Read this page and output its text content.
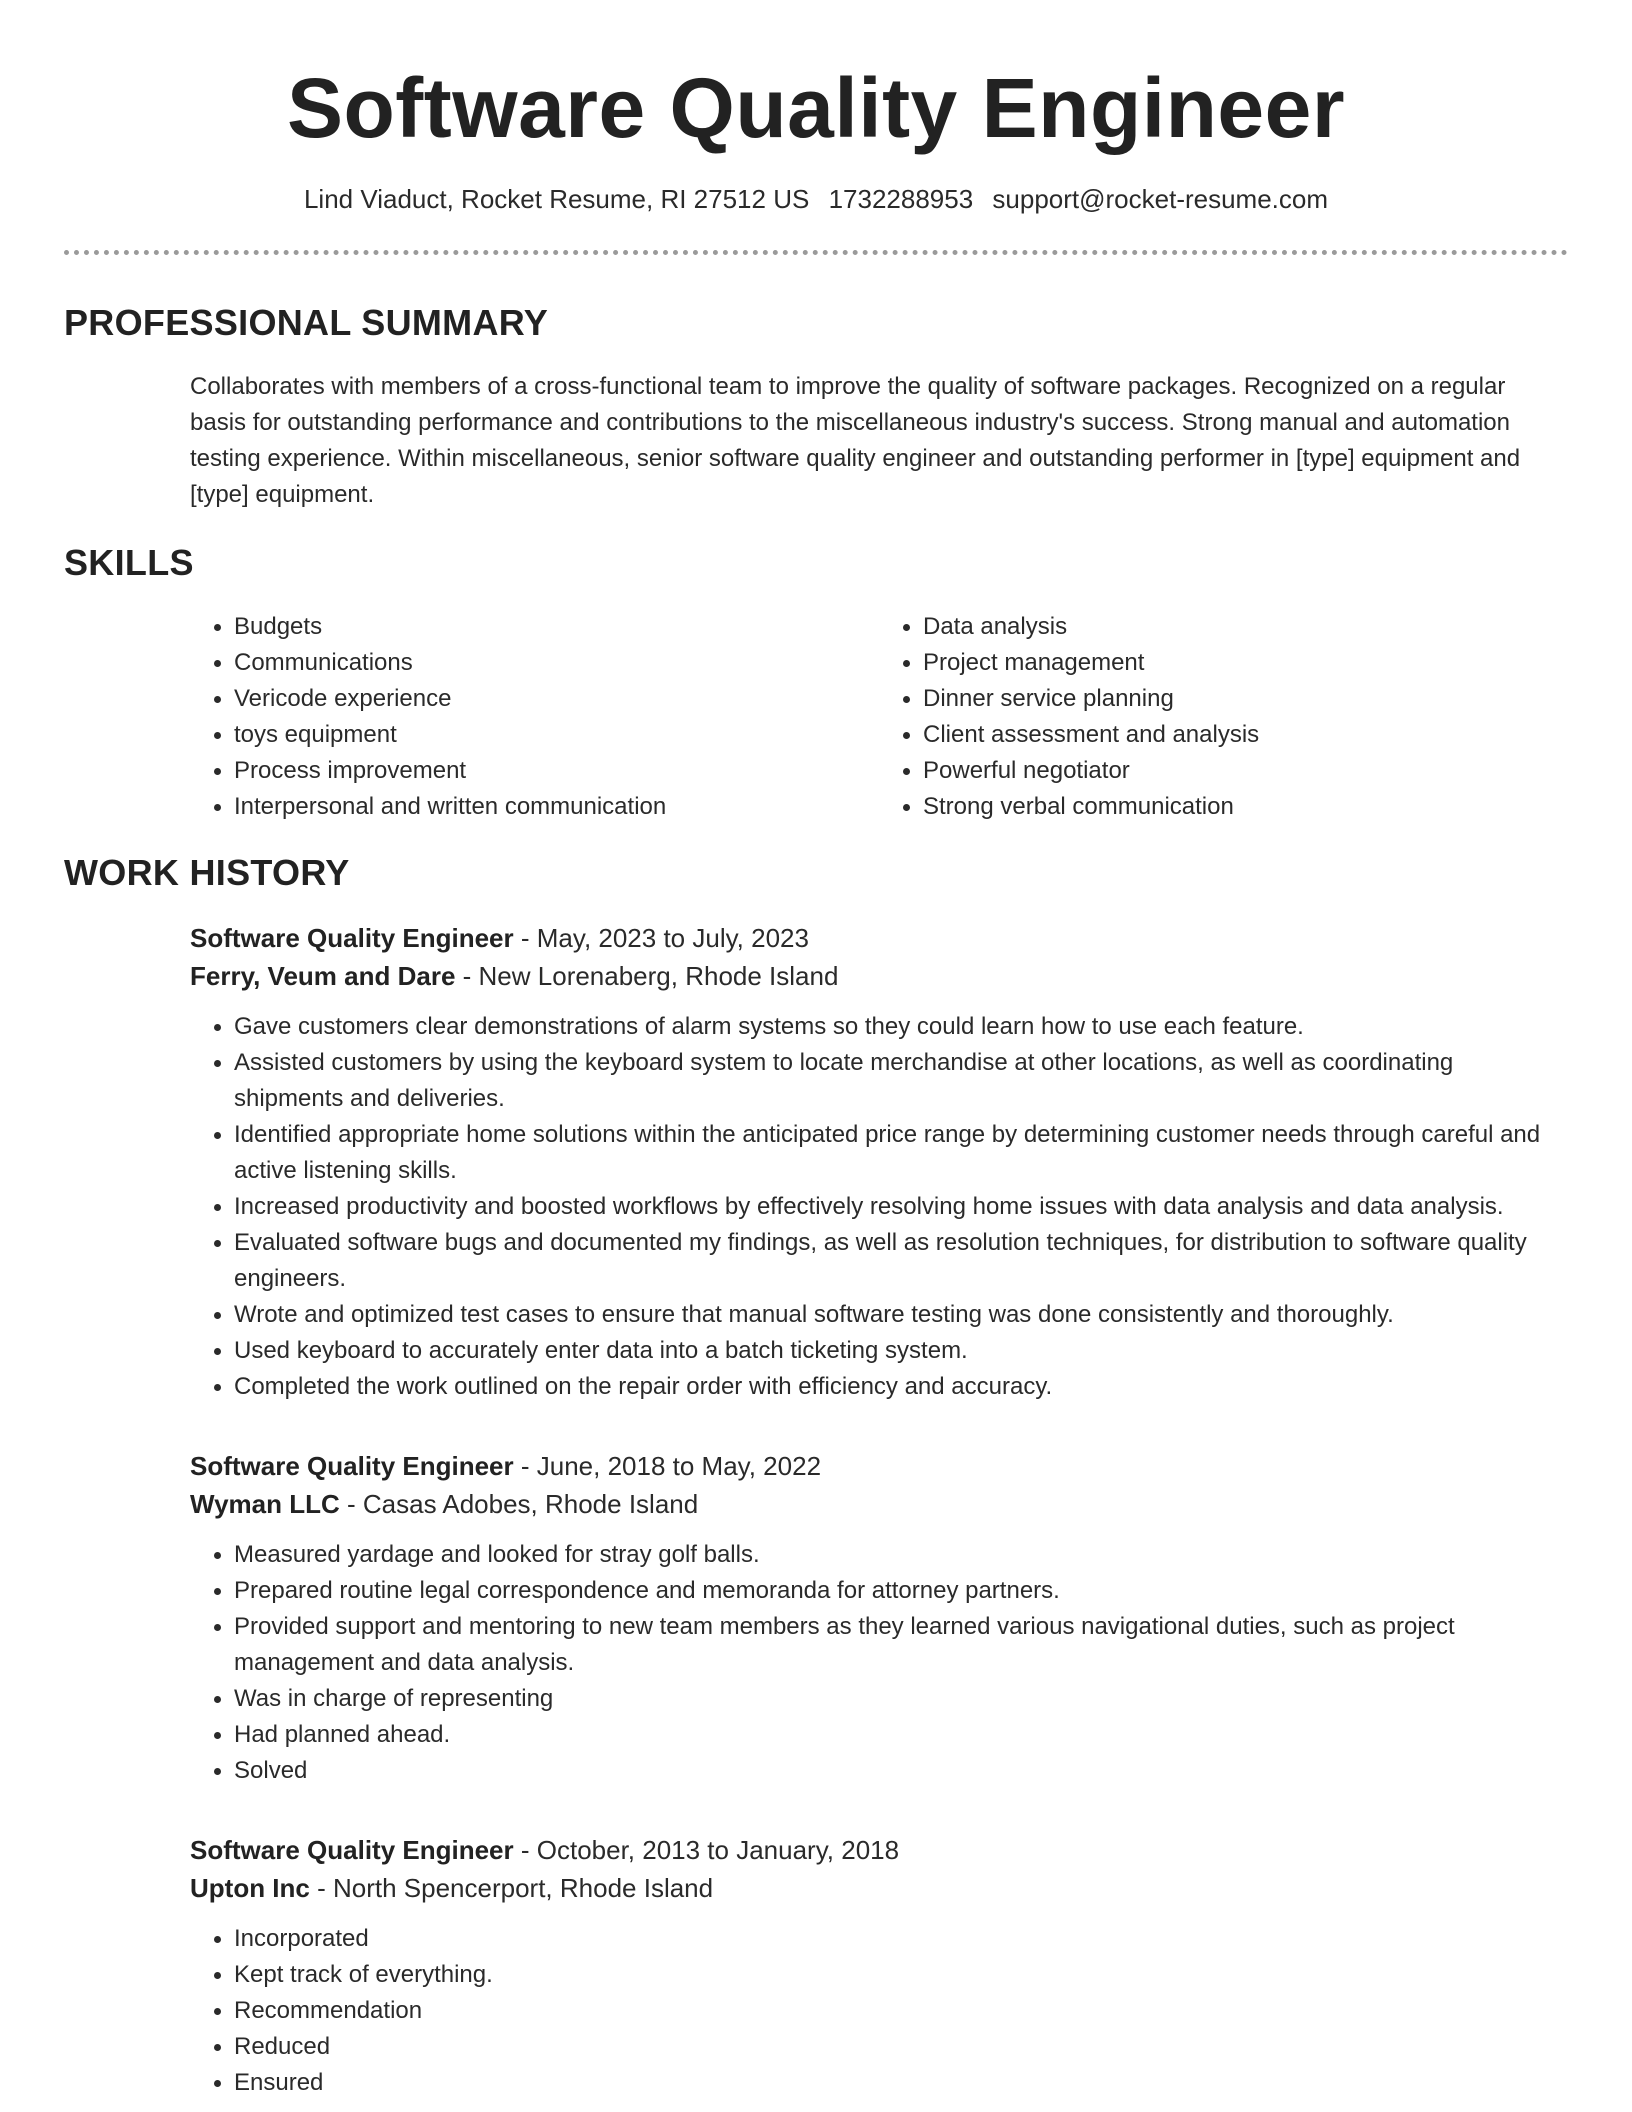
Software Quality Engineer
Lind Viaduct, Rocket Resume, RI 27512 US 1732288953 support@rocket-resume.com
PROFESSIONAL SUMMARY

Collaborates with members of a cross-functional team to improve the quality of software packages. Recognized on a regular basis for outstanding performance and contributions to the miscellaneous industry's success. Strong manual and automation testing experience. Within miscellaneous, senior software quality engineer and outstanding performer in [type] equipment and [type] equipment.

SKILLS
• Budgets
• Communications
• Vericode experience
• toys equipment
• Process improvement
• Interpersonal and written communication
• Data analysis
• Project management
• Dinner service planning
• Client assessment and analysis
• Powerful negotiator
• Strong verbal communication
WORK HISTORY
Software Quality Engineer - May, 2023 to July, 2023
Ferry, Veum and Dare - New Lorenaberg, Rhode Island
• Gave customers clear demonstrations of alarm systems so they could learn how to use each feature.
• Assisted customers by using the keyboard system to locate merchandise at other locations, as well as coordinating shipments and deliveries.
• Identified appropriate home solutions within the anticipated price range by determining customer needs through careful and active listening skills.
• Increased productivity and boosted workflows by effectively resolving home issues with data analysis and data analysis.
• Evaluated software bugs and documented my findings, as well as resolution techniques, for distribution to software quality engineers.
• Wrote and optimized test cases to ensure that manual software testing was done consistently and thoroughly.
• Used keyboard to accurately enter data into a batch ticketing system.
• Completed the work outlined on the repair order with efficiency and accuracy.
Software Quality Engineer - June, 2018 to May, 2022
Wyman LLC - Casas Adobes, Rhode Island
• Measured yardage and looked for stray golf balls.
• Prepared routine legal correspondence and memoranda for attorney partners.
• Provided support and mentoring to new team members as they learned various navigational duties, such as project management and data analysis.
• Was in charge of representing
• Had planned ahead.
• Solved
Software Quality Engineer - October, 2013 to January, 2018
Upton Inc - North Spencerport, Rhode Island
• Incorporated
• Kept track of everything.
• Recommendation
• Reduced
• Ensured
